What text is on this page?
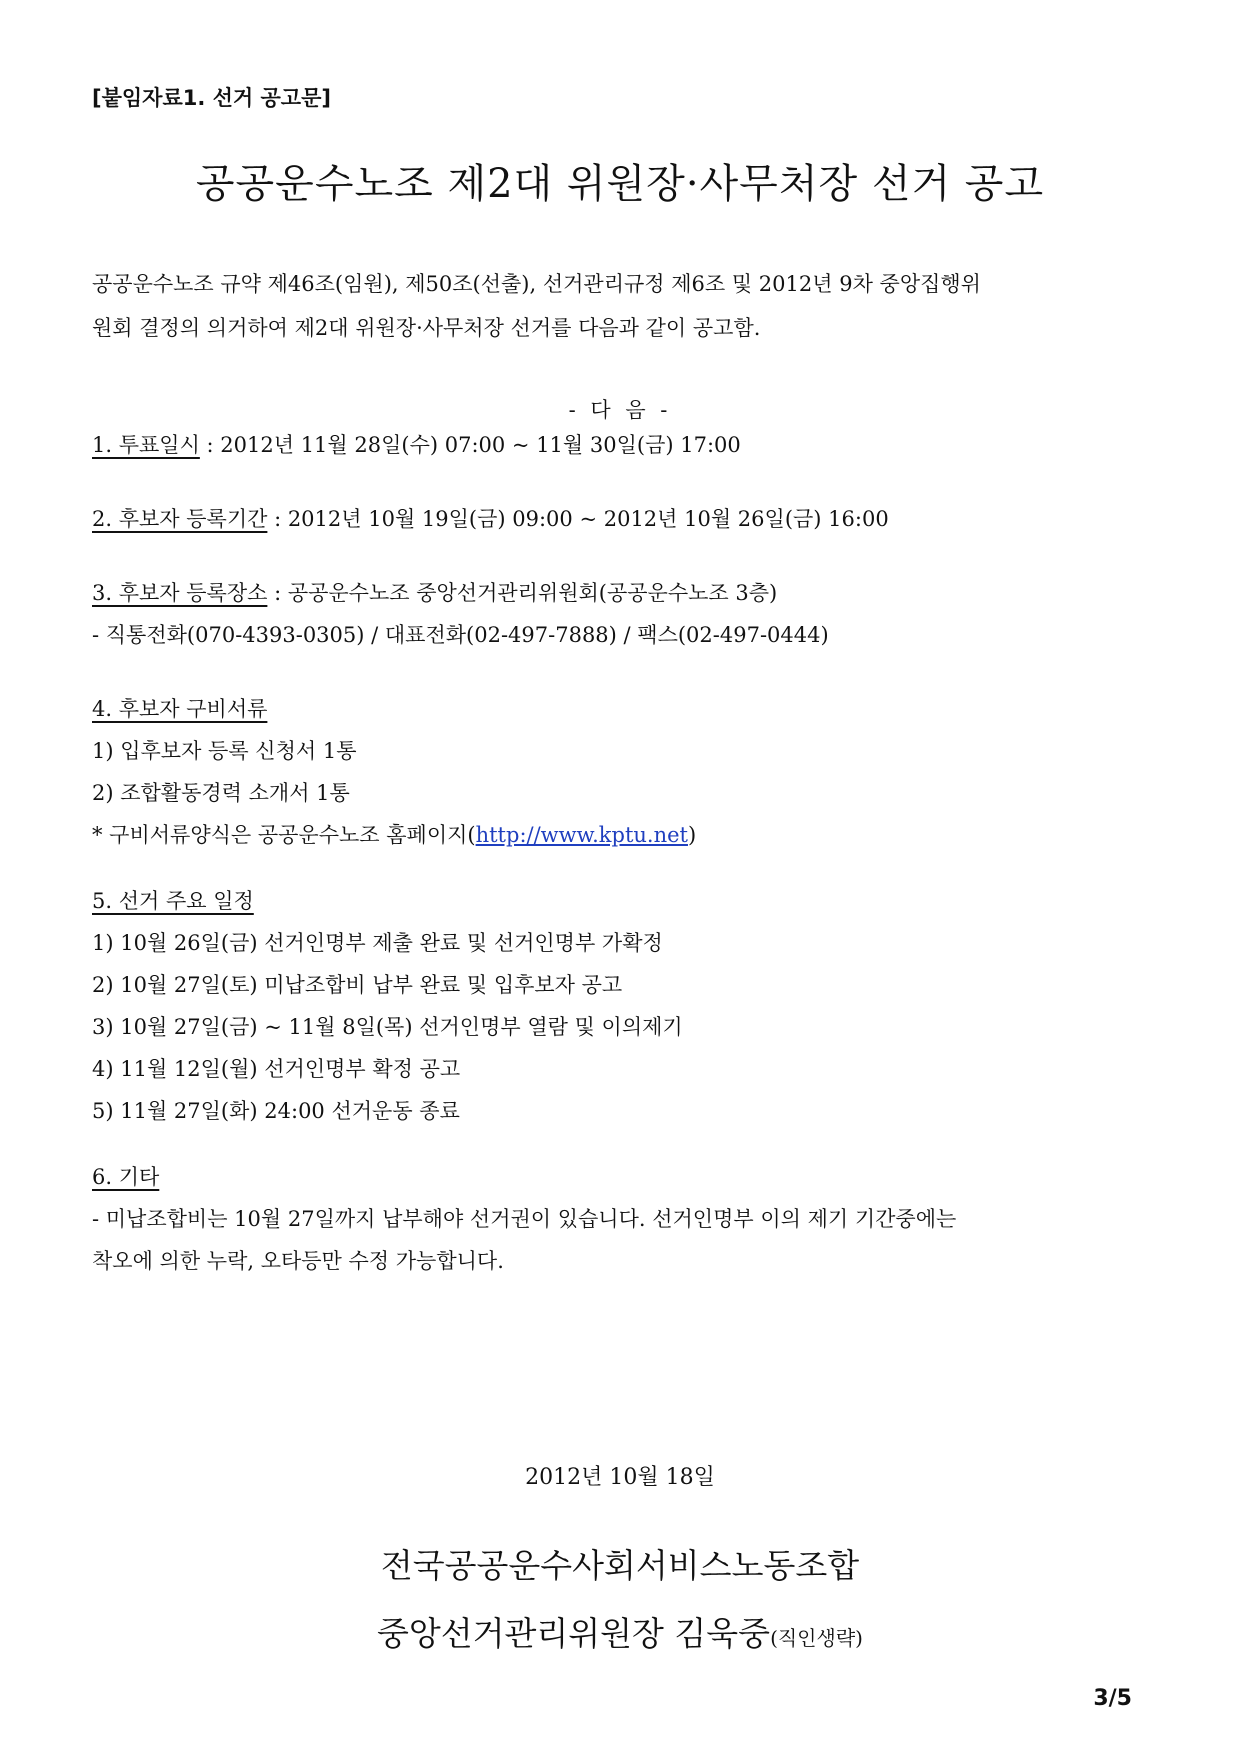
[붙임자료1. 선거 공고문]
공공운수노조 제2대 위원장·사무처장 선거 공고
공공운수노조 규약 제46조(임원), 제50조(선출), 선거관리규정 제6조 및 2012년 9차 중앙집행위
원회 결정의 의거하여 제2대 위원장·사무처장 선거를 다음과 같이 공고함.
- 다 음 -
1. 투표일시 : 2012년 11월 28일(수) 07:00 ~ 11월 30일(금) 17:00
2. 후보자 등록기간 : 2012년 10월 19일(금) 09:00 ~ 2012년 10월 26일(금) 16:00
3. 후보자 등록장소 : 공공운수노조 중앙선거관리위원회(공공운수노조 3층)
- 직통전화(070-4393-0305) / 대표전화(02-497-7888) / 팩스(02-497-0444)
4. 후보자 구비서류
1) 입후보자 등록 신청서 1통
2) 조합활동경력 소개서 1통
* 구비서류양식은 공공운수노조 홈페이지(http://www.kptu.net)
5. 선거 주요 일정
1) 10월 26일(금) 선거인명부 제출 완료 및 선거인명부 가확정
2) 10월 27일(토) 미납조합비 납부 완료 및 입후보자 공고
3) 10월 27일(금) ~ 11월 8일(목) 선거인명부 열람 및 이의제기
4) 11월 12일(월) 선거인명부 확정 공고
5) 11월 27일(화) 24:00 선거운동 종료
6. 기타
- 미납조합비는 10월 27일까지 납부해야 선거권이 있습니다. 선거인명부 이의 제기 기간중에는
착오에 의한 누락, 오타등만 수정 가능합니다.
2012년 10월 18일
전국공공운수사회서비스노동조합
중앙선거관리위원장 김욱중(직인생략)
3/5
